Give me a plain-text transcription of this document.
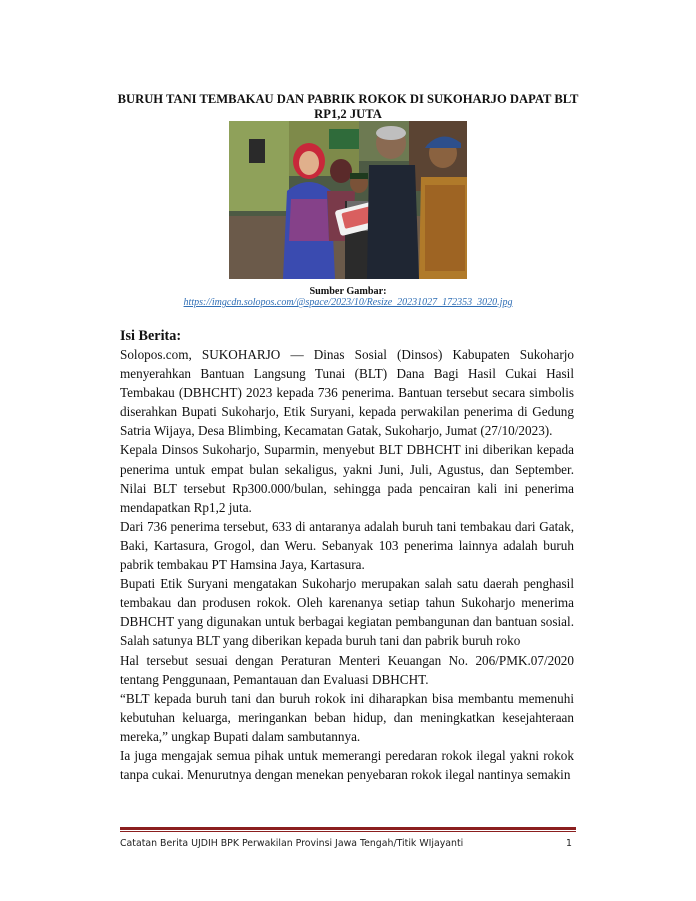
BURUH TANI TEMBAKAU DAN PABRIK ROKOK DI SUKOHARJO DAPAT BLT RP1,2 JUTA
Sumber Gambar:
https://imgcdn.solopos.com/@space/2023/10/Resize_20231027_172353_3020.jpg
Isi Berita:

Solopos.com, SUKOHARJO — Dinas Sosial (Dinsos) Kabupaten Sukoharjo menyerahkan Bantuan Langsung Tunai (BLT) Dana Bagi Hasil Cukai Hasil Tembakau (DBHCHT) 2023 kepada 736 penerima. Bantuan tersebut secara simbolis diserahkan Bupati Sukoharjo, Etik Suryani, kepada perwakilan penerima di Gedung Satria Wijaya, Desa Blimbing, Kecamatan Gatak, Sukoharjo, Jumat (27/10/2023).

Kepala Dinsos Sukoharjo, Suparmin, menyebut BLT DBHCHT ini diberikan kepada penerima untuk empat bulan sekaligus, yakni Juni, Juli, Agustus, dan September. Nilai BLT tersebut Rp300.000/bulan, sehingga pada pencairan kali ini penerima mendapatkan Rp1,2 juta.

Dari 736 penerima tersebut, 633 di antaranya adalah buruh tani tembakau dari Gatak, Baki, Kartasura, Grogol, dan Weru. Sebanyak 103 penerima lainnya adalah buruh pabrik tembakau PT Hamsina Jaya, Kartasura.

Bupati Etik Suryani mengatakan Sukoharjo merupakan salah satu daerah penghasil tembakau dan produsen rokok. Oleh karenanya setiap tahun Sukoharjo menerima DBHCHT yang digunakan untuk berbagai kegiatan pembangunan dan bantuan sosial. Salah satunya BLT yang diberikan kepada buruh tani dan pabrik buruh roko

Hal tersebut sesuai dengan Peraturan Menteri Keuangan No. 206/PMK.07/2020 tentang Penggunaan, Pemantauan dan Evaluasi DBHCHT.

“BLT kepada buruh tani dan buruh rokok ini diharapkan bisa membantu memenuhi kebutuhan keluarga, meringankan beban hidup, dan meningkatkan kesejahteraan mereka,” ungkap Bupati dalam sambutannya.

Ia juga mengajak semua pihak untuk memerangi peredaran rokok ilegal yakni rokok tanpa cukai. Menurutnya dengan menekan penyebaran rokok ilegal nantinya semakin

Catatan Berita UJDIH BPK Perwakilan Provinsi Jawa Tengah/Titik WIjayanti	1
